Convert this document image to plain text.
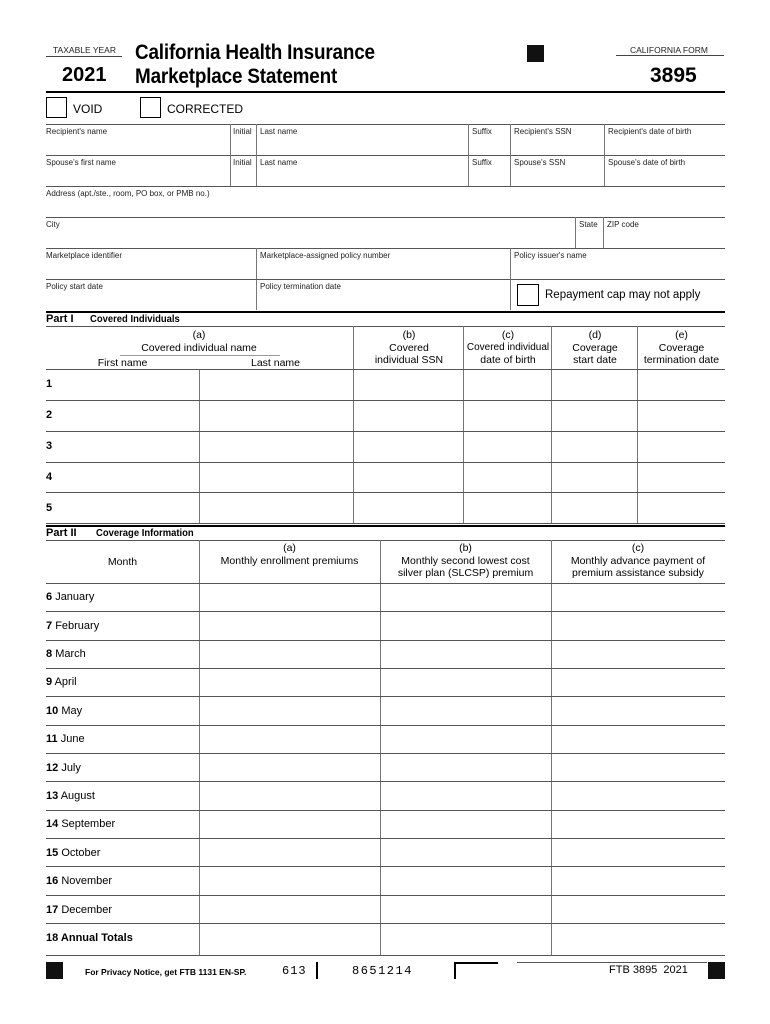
TAXABLE YEAR
2021
California Health Insurance
Marketplace Statement
CALIFORNIA FORM
3895
VOID	CORRECTED
Recipient's name	Initial Last name	Suffix	Recipient's SSN	Recipient's date of birth
Spouse's first name	Initial Last name	Suffix	Spouse's SSN	Spouse's date of birth
Address (apt./ste., room, PO box, or PMB no.)
City	State ZIP code
Marketplace identifier	Marketplace-assigned policy number	Policy issuer's name
Policy start date	Policy termination date
Repayment cap may not apply
Part I Covered Individuals
(a)
Covered individual name
First name	Last name
(b)
Covered
individual SSN
(c)
Covered individual
date of birth
(d)
Coverage
start date
(e)
Coverage
termination date
1
2
3
4
5
Part II Coverage Information
Month
(a)
Monthly enrollment premiums
(b)
Monthly second lowest cost
silver plan (SLCSP) premium
(c)
Monthly advance payment of
premium assistance subsidy
6 January
7 February
8 March
9 April
10 May
11 June
12 July
13 August
14 September
15 October
16 November
17 December
18 Annual Totals
For Privacy Notice, get FTB 1131 EN-SP.	613	8651214	FTB 3895  2021
